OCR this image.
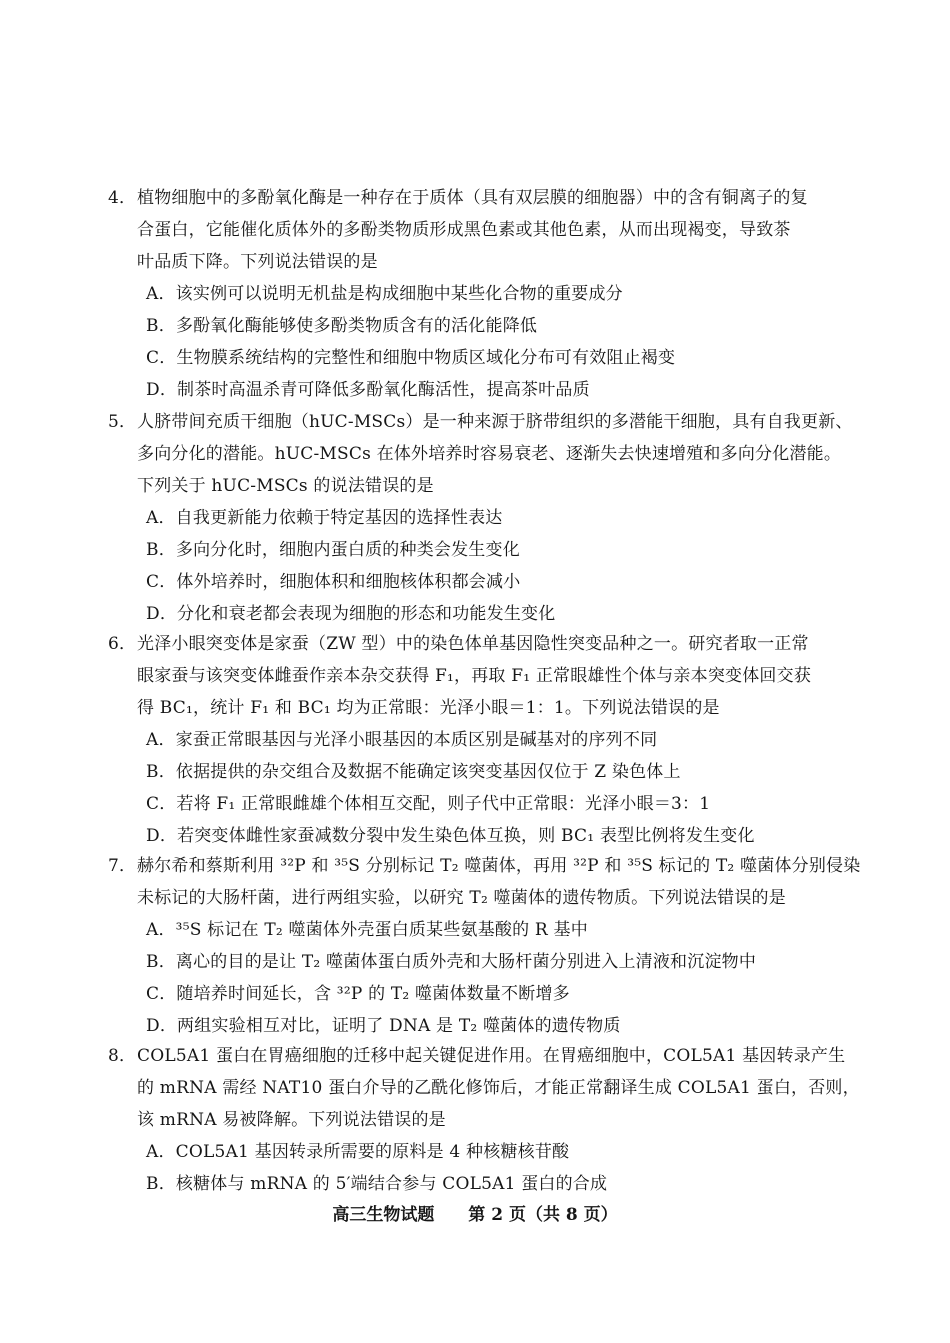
4．植物细胞中的多酚氧化酶是一种存在于质体（具有双层膜的细胞器）中的含有铜离子的复
合蛋白，它能催化质体外的多酚类物质形成黑色素或其他色素，从而出现褐变，导致茶
叶品质下降。下列说法错误的是
A．该实例可以说明无机盐是构成细胞中某些化合物的重要成分
B．多酚氧化酶能够使多酚类物质含有的活化能降低
C．生物膜系统结构的完整性和细胞中物质区域化分布可有效阻止褐变
D．制茶时高温杀青可降低多酚氧化酶活性，提高茶叶品质
5．人脐带间充质干细胞（hUC-MSCs）是一种来源于脐带组织的多潜能干细胞，具有自我更新、
多向分化的潜能。hUC-MSCs 在体外培养时容易衰老、逐渐失去快速增殖和多向分化潜能。
下列关于 hUC-MSCs 的说法错误的是
A．自我更新能力依赖于特定基因的选择性表达
B．多向分化时，细胞内蛋白质的种类会发生变化
C．体外培养时，细胞体积和细胞核体积都会减小
D．分化和衰老都会表现为细胞的形态和功能发生变化
6．光泽小眼突变体是家蚕（ZW 型）中的染色体单基因隐性突变品种之一。研究者取一正常
眼家蚕与该突变体雌蚕作亲本杂交获得 F₁，再取 F₁ 正常眼雄性个体与亲本突变体回交获
得 BC₁，统计 F₁ 和 BC₁ 均为正常眼：光泽小眼＝1：1。下列说法错误的是
A．家蚕正常眼基因与光泽小眼基因的本质区别是碱基对的序列不同
B．依据提供的杂交组合及数据不能确定该突变基因仅位于 Z 染色体上
C．若将 F₁ 正常眼雌雄个体相互交配，则子代中正常眼：光泽小眼＝3：1
D．若突变体雌性家蚕减数分裂中发生染色体互换，则 BC₁ 表型比例将发生变化
7．赫尔希和蔡斯利用 ³²P 和 ³⁵S 分别标记 T₂ 噬菌体，再用 ³²P 和 ³⁵S 标记的 T₂ 噬菌体分别侵染
未标记的大肠杆菌，进行两组实验，以研究 T₂ 噬菌体的遗传物质。下列说法错误的是
A．³⁵S 标记在 T₂ 噬菌体外壳蛋白质某些氨基酸的 R 基中
B．离心的目的是让 T₂ 噬菌体蛋白质外壳和大肠杆菌分别进入上清液和沉淀物中
C．随培养时间延长，含 ³²P 的 T₂ 噬菌体数量不断增多
D．两组实验相互对比，证明了 DNA 是 T₂ 噬菌体的遗传物质
8．COL5A1 蛋白在胃癌细胞的迁移中起关键促进作用。在胃癌细胞中，COL5A1 基因转录产生
的 mRNA 需经 NAT10 蛋白介导的乙酰化修饰后，才能正常翻译生成 COL5A1 蛋白，否则，
该 mRNA 易被降解。下列说法错误的是
A．COL5A1 基因转录所需要的原料是 4 种核糖核苷酸
B．核糖体与 mRNA 的 5′端结合参与 COL5A1 蛋白的合成
高三生物试题 第 2 页（共 8 页）
